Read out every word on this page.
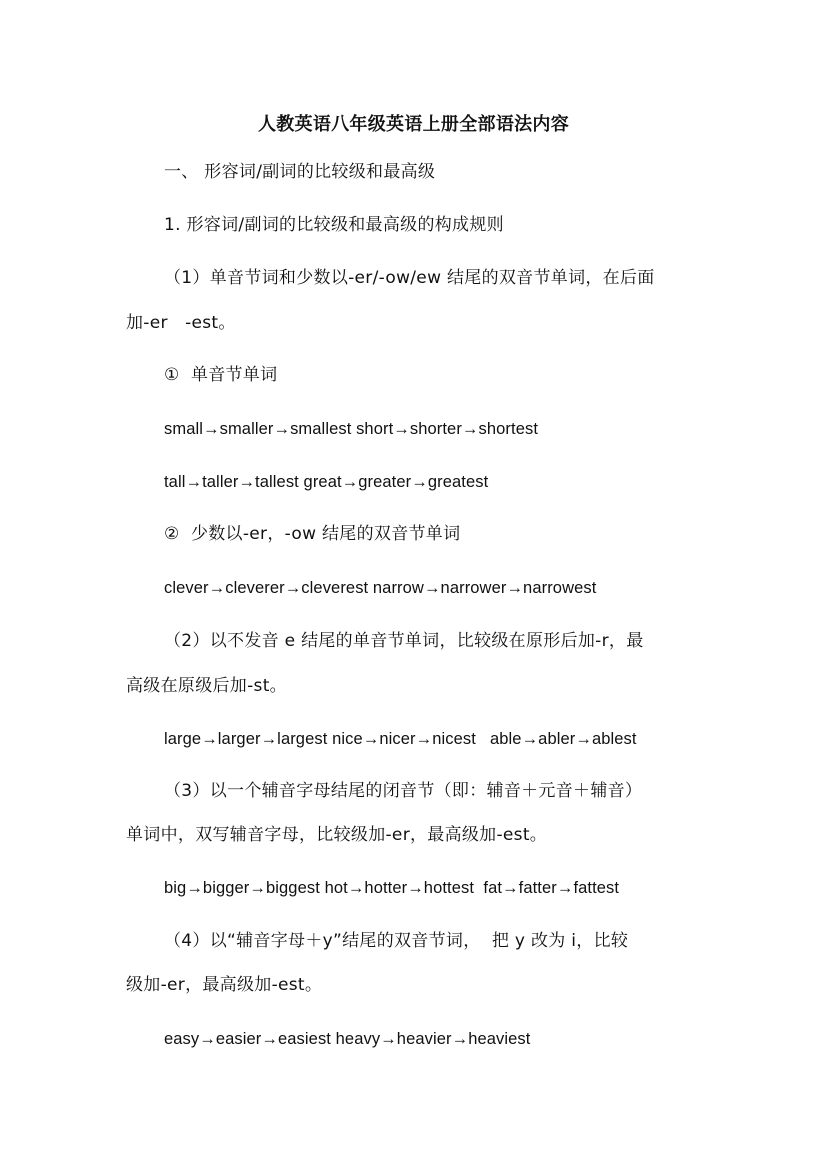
人教英语八年级英语上册全部语法内容
一、 形容词/副词的比较级和最高级
1. 形容词/副词的比较级和最高级的构成规则
（1）单音节词和少数以-er/-ow/ew 结尾的双音节单词，在后面
加-er　-est。
①  单音节单词
small→smaller→smallest short→shorter→shortest
tall→taller→tallest great→greater→greatest
②  少数以-er，-ow 结尾的双音节单词
clever→cleverer→cleverest narrow→narrower→narrowest
（2）以不发音 e 结尾的单音节单词，比较级在原形后加-r，最
高级在原级后加-st。
large→larger→largest nice→nicer→nicest   able→abler→ablest
（3）以一个辅音字母结尾的闭音节（即：辅音＋元音＋辅音）
单词中，双写辅音字母，比较级加-er，最高级加-est。
big→bigger→biggest hot→hotter→hottest  fat→fatter→fattest
（4）以“辅音字母＋y”结尾的双音节词，  把 y 改为 i，比较
级加-er，最高级加-est。
easy→easier→easiest heavy→heavier→heaviest
